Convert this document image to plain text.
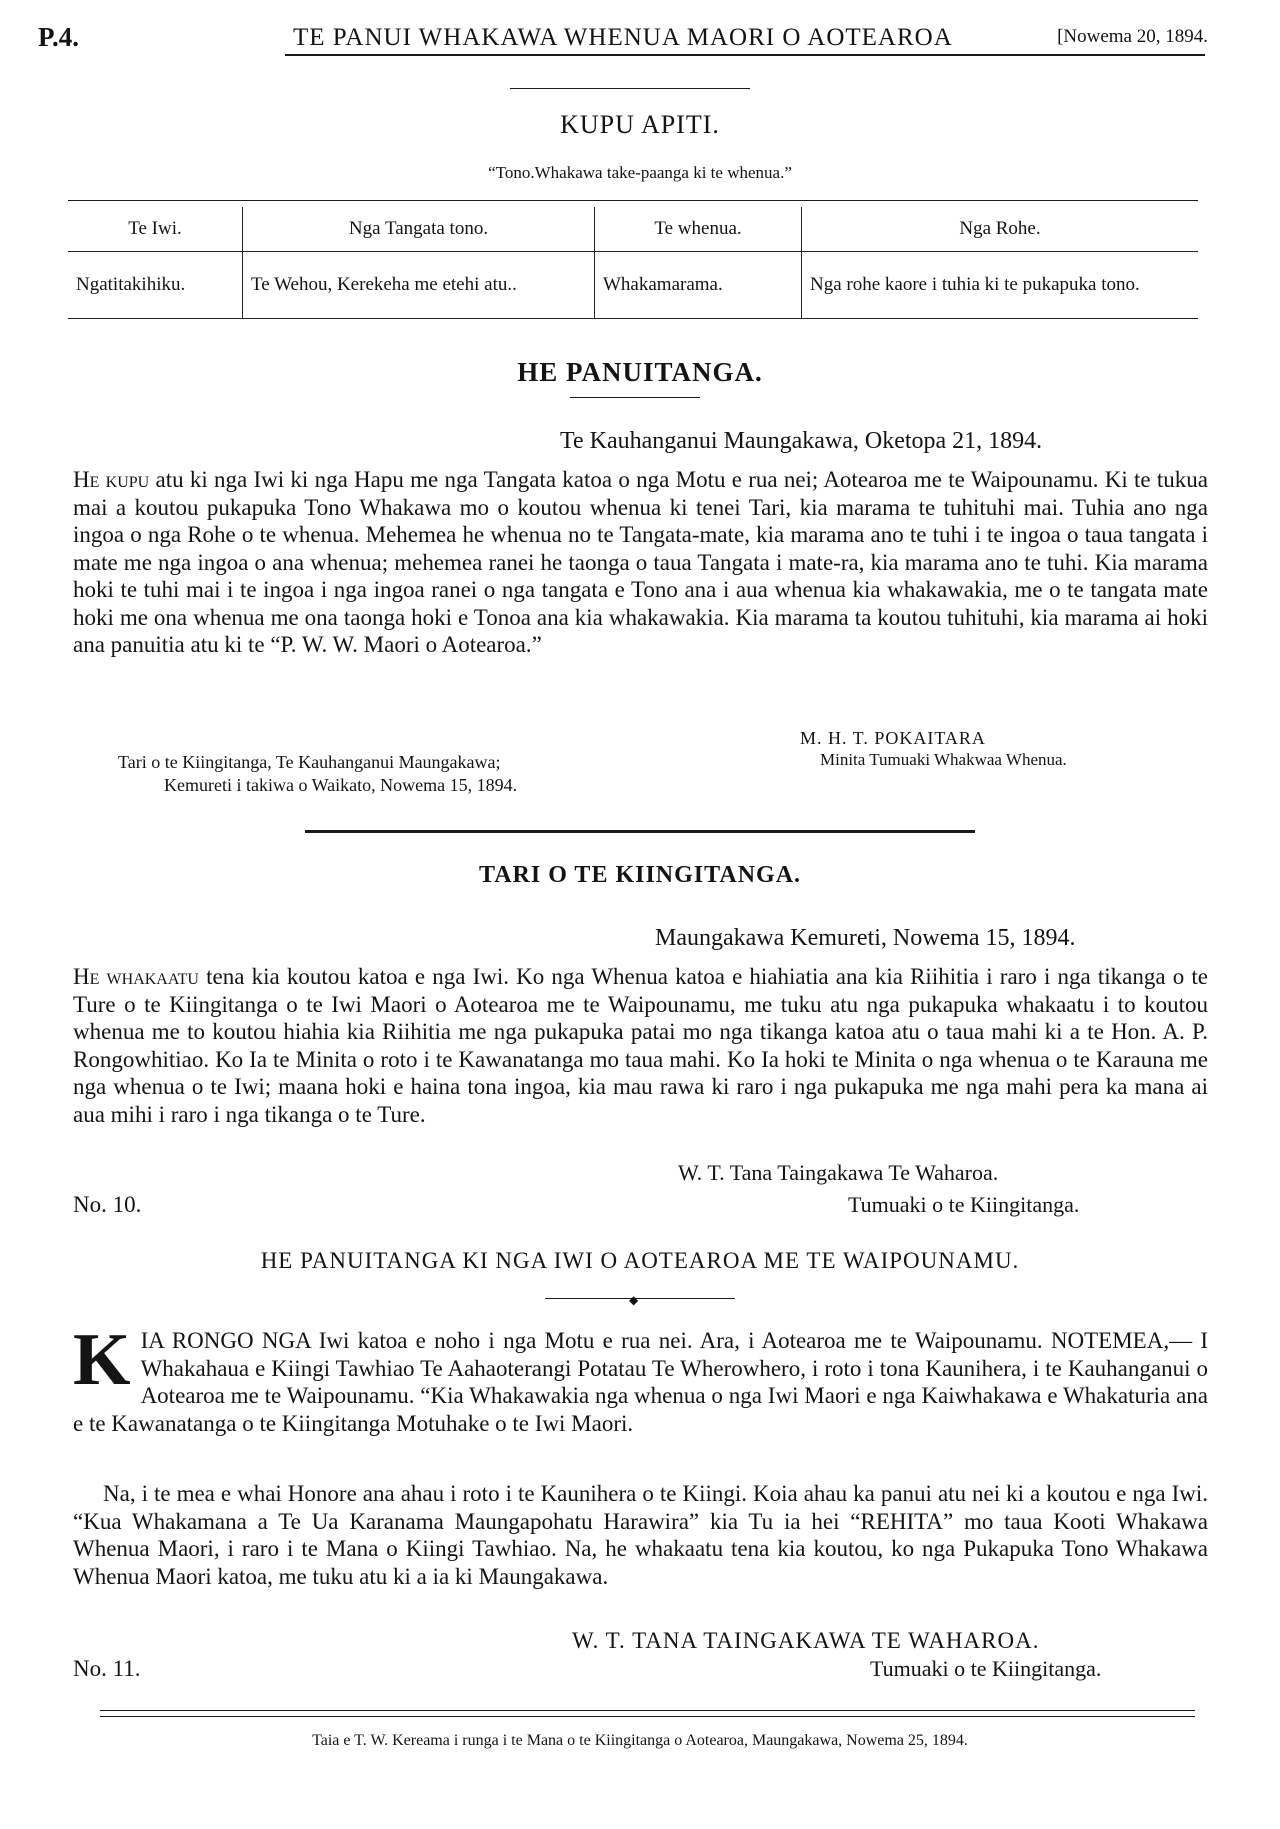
P.4.	TE PANUI WHAKAWA WHENUA MAORI O AOTEAROA	[Nowema 20, 1894.
KUPU APITI.
“Tono.Whakawa take-paanga ki te whenua.”
Te Iwi.	Nga Tangata tono.	Te whenua.	Nga Rohe.
Ngatitakihiku.	Te Wehou, Kerekeha me etehi atu..	Whakamarama.	Nga rohe kaore i tuhia ki te pukapuka tono.
HE PANUITANGA.
Te Kauhanganui Maungakawa, Oketopa 21, 1894.

He kupu atu ki nga Iwi ki nga Hapu me nga Tangata katoa o nga Motu e rua nei; Aotearoa me te Waipounamu. Ki te tukua mai a koutou pukapuka Tono Whakawa mo o koutou whenua ki tenei Tari, kia marama te tuhituhi mai. Tuhia ano nga ingoa o nga Rohe o te whenua. Mehemea he whenua no te Tangata-mate, kia marama ano te tuhi i te ingoa o taua tangata i mate me nga ingoa o ana whenua; mehemea ranei he taonga o taua Tangata i mate-ra, kia marama ano te tuhi. Kia marama hoki te tuhi mai i te ingoa i nga ingoa ranei o nga tangata e Tono ana i aua whenua kia whakawakia, me o te tangata mate hoki me ona whenua me ona taonga hoki e Tonoa ana kia whakawakia. Kia marama ta koutou tuhituhi, kia marama ai hoki ana panuitia atu ki te “P. W. W. Maori o Aotearoa.”

M. H. T. POKAITARA
Minita Tumuaki Whakwaa Whenua.
Tari o te Kiingitanga, Te Kauhanganui Maungakawa;
Kemureti i takiwa o Waikato, Nowema 15, 1894.
TARI O TE KIINGITANGA.
Maungakawa Kemureti, Nowema 15, 1894.

He whakaatu tena kia koutou katoa e nga Iwi. Ko nga Whenua katoa e hiahiatia ana kia Riihitia i raro i nga tikanga o te Ture o te Kiingitanga o te Iwi Maori o Aotearoa me te Waipounamu, me tuku atu nga pukapuka whakaatu i to koutou whenua me to koutou hiahia kia Riihitia me nga pukapuka patai mo nga tikanga katoa atu o taua mahi ki a te Hon. A. P. Rongowhitiao. Ko Ia te Minita o roto i te Kawanatanga mo taua mahi. Ko Ia hoki te Minita o nga whenua o te Karauna me nga whenua o te Iwi; maana hoki e haina tona ingoa, kia mau rawa ki raro i nga pukapuka me nga mahi pera ka mana ai aua mihi i raro i nga tikanga o te Ture.

W. T. Tana Taingakawa Te Waharoa.
No. 10.	Tumuaki o te Kiingitanga.
HE PANUITANGA KI NGA IWI O AOTEAROA ME TE WAIPOUNAMU.
◆
K IA RONGO NGA Iwi katoa e noho i nga Motu e rua nei. Ara, i Aotearoa me te Waipounamu. NOTEMEA,— I Whakahaua e Kiingi Tawhiao Te Aahaoterangi Potatau Te Wherowhero, i roto i tona Kaunihera, i te Kauhanganui o Aotearoa me te Waipounamu. “Kia Whakawakia nga whenua o nga Iwi Maori e nga Kaiwhakawa e Whakaturia ana e te Kawanatanga o te Kiingitanga Motuhake o te Iwi Maori.

Na, i te mea e whai Honore ana ahau i roto i te Kaunihera o te Kiingi. Koia ahau ka panui atu nei ki a koutou e nga Iwi. “Kua Whakamana a Te Ua Karanama Maungapohatu Harawira” kia Tu ia hei “REHITA” mo taua Kooti Whakawa Whenua Maori, i raro i te Mana o Kiingi Tawhiao. Na, he whakaatu tena kia koutou, ko nga Pukapuka Tono Whakawa Whenua Maori katoa, me tuku atu ki a ia ki Maungakawa.

W. T. TANA TAINGAKAWA TE WAHAROA.
No. 11.	Tumuaki o te Kiingitanga.
Taia e T. W. Kereama i runga i te Mana o te Kiingitanga o Aotearoa, Maungakawa, Nowema 25, 1894.
